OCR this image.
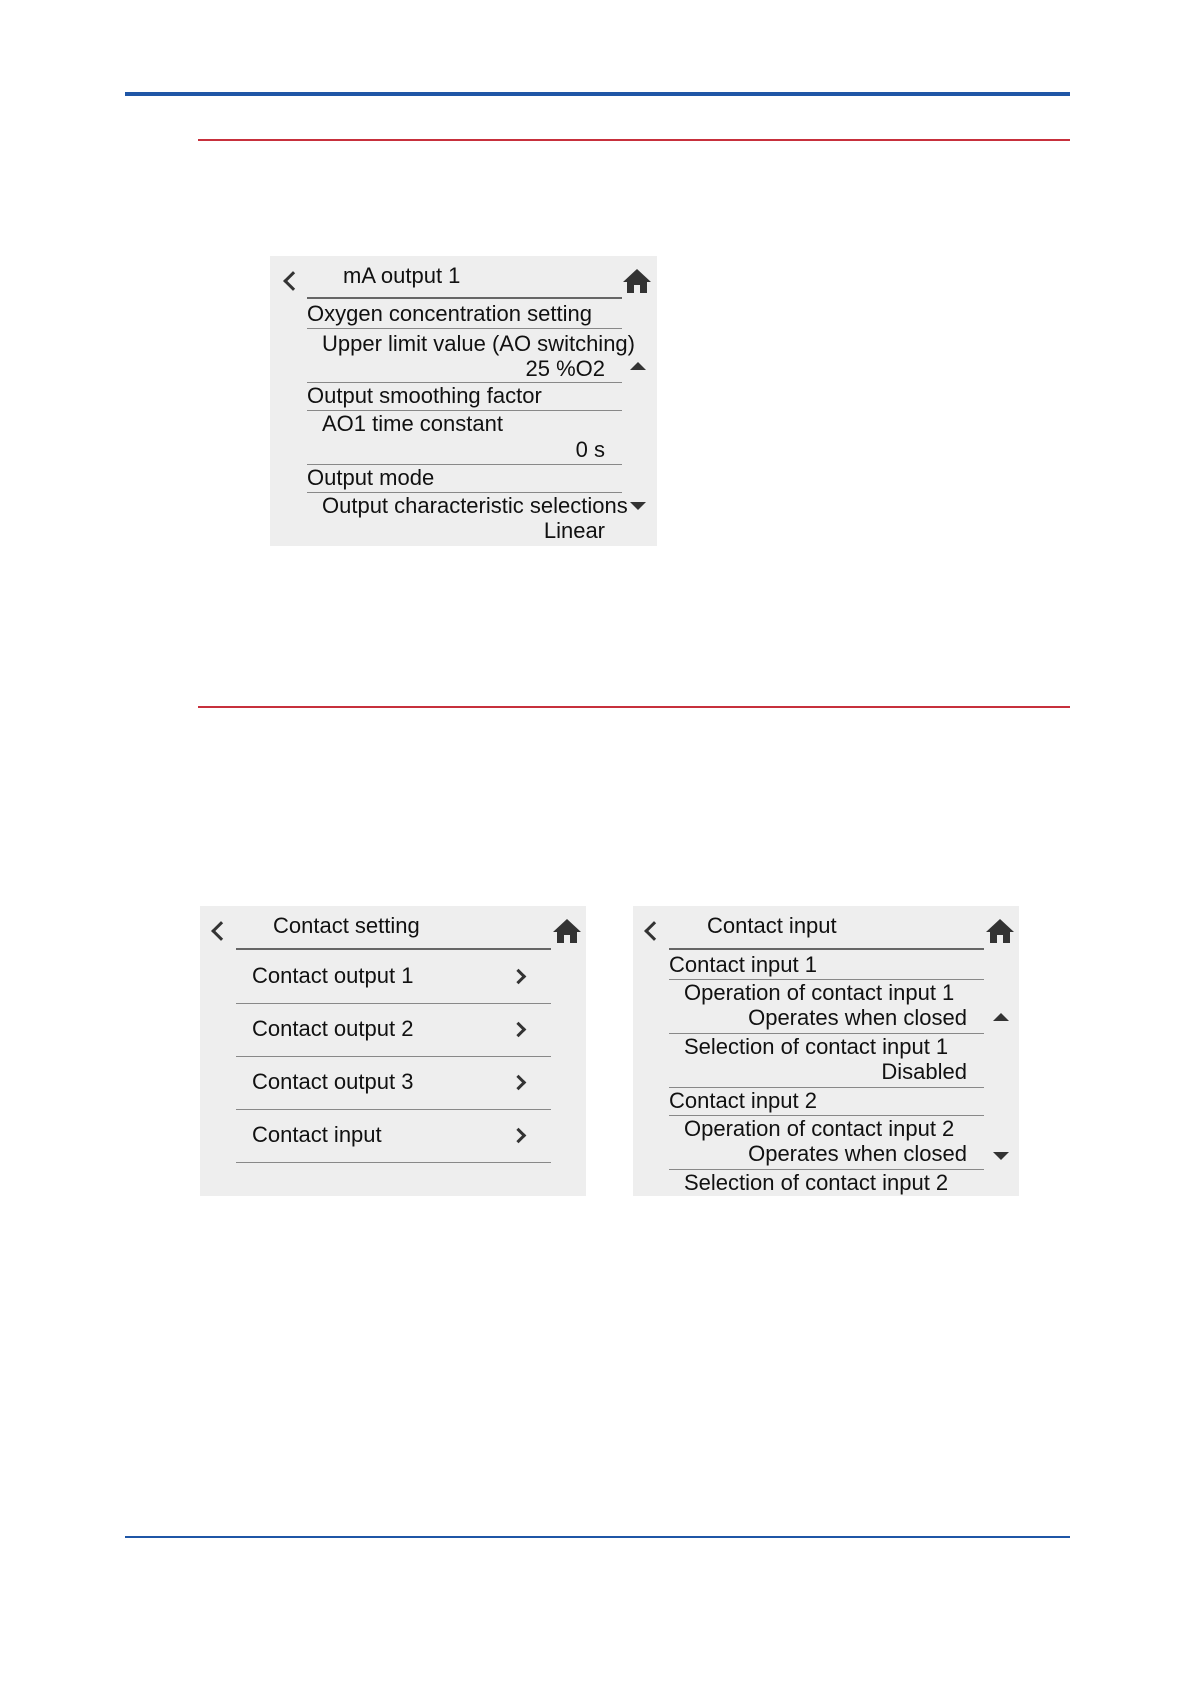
mA output 1
Oxygen concentration setting
Upper limit value (AO switching)
25 %O2
Output smoothing factor
AO1 time constant
0 s
Output mode
Output characteristic selections
Linear
Contact setting
Contact output 1
Contact output 2
Contact output 3
Contact input
Contact input
Contact input 1
Operation of contact input 1
Operates when closed
Selection of contact input 1
Disabled
Contact input 2
Operation of contact input 2
Operates when closed
Selection of contact input 2
